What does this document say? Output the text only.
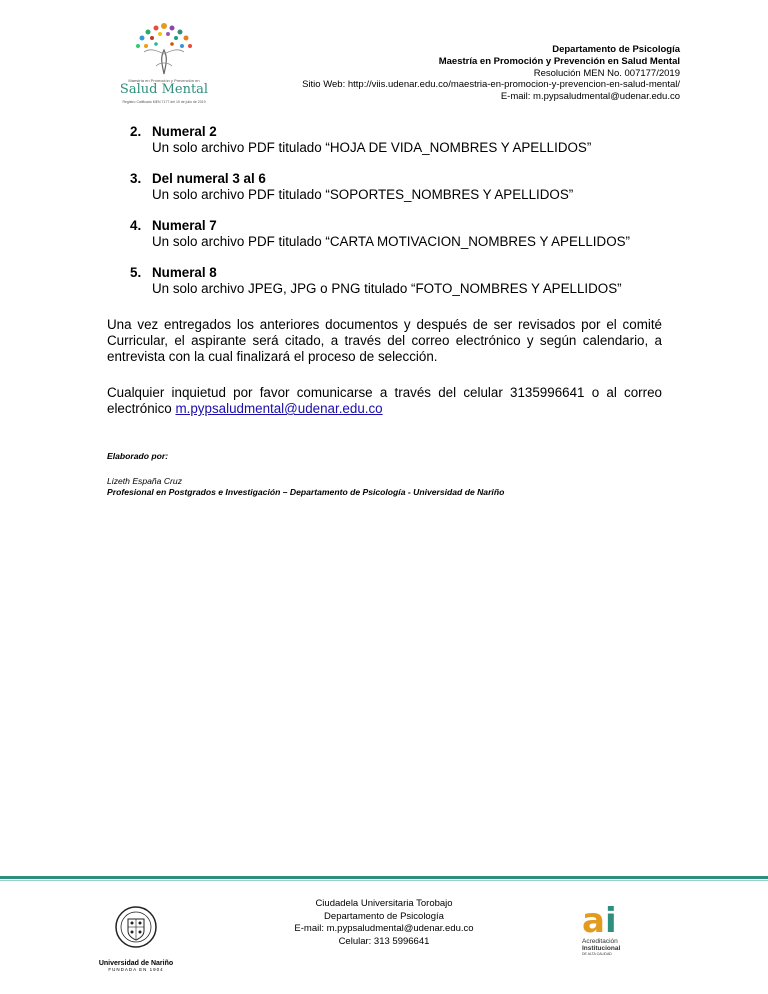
Maestría en Promoción y Prevención en
Salud Mental
Registro Calificado MEN 7177 del 19 de julio de 2019
Departamento de Psicología
Maestría en Promoción y Prevención en Salud Mental
Resolución MEN No. 007177/2019
Sitio Web: http://viis.udenar.edu.co/maestria-en-promocion-y-prevencion-en-salud-mental/
E-mail: m.pypsaludmental@udenar.edu.co
2. Numeral 2
Un solo archivo PDF titulado “HOJA DE VIDA_NOMBRES Y APELLIDOS”
3. Del numeral 3 al 6
Un solo archivo PDF titulado “SOPORTES_NOMBRES Y APELLIDOS”
4. Numeral 7
Un solo archivo PDF titulado “CARTA MOTIVACION_NOMBRES Y APELLIDOS”
5. Numeral 8
Un solo archivo JPEG, JPG o PNG titulado “FOTO_NOMBRES Y APELLIDOS”

Una vez entregados los anteriores documentos y después de ser revisados por el comité Curricular, el aspirante será citado, a través del correo electrónico y según calendario, a entrevista con la cual finalizará el proceso de selección.

Cualquier inquietud por favor comunicarse a través del celular 3135996641 o al correo electrónico m.pypsaludmental@udenar.edu.co

Elaborado por:
Lizeth España Cruz
Profesional en Postgrados e Investigación – Departamento de Psicología - Universidad de Nariño
Universidad de Nariño
FUNDADA EN 1904
Ciudadela Universitaria Torobajo
Departamento de Psicología
E-mail: m.pypsaludmental@udenar.edu.co
Celular: 313 5996641	ai
Acreditación
Institucional
DE ALTA CALIDAD
